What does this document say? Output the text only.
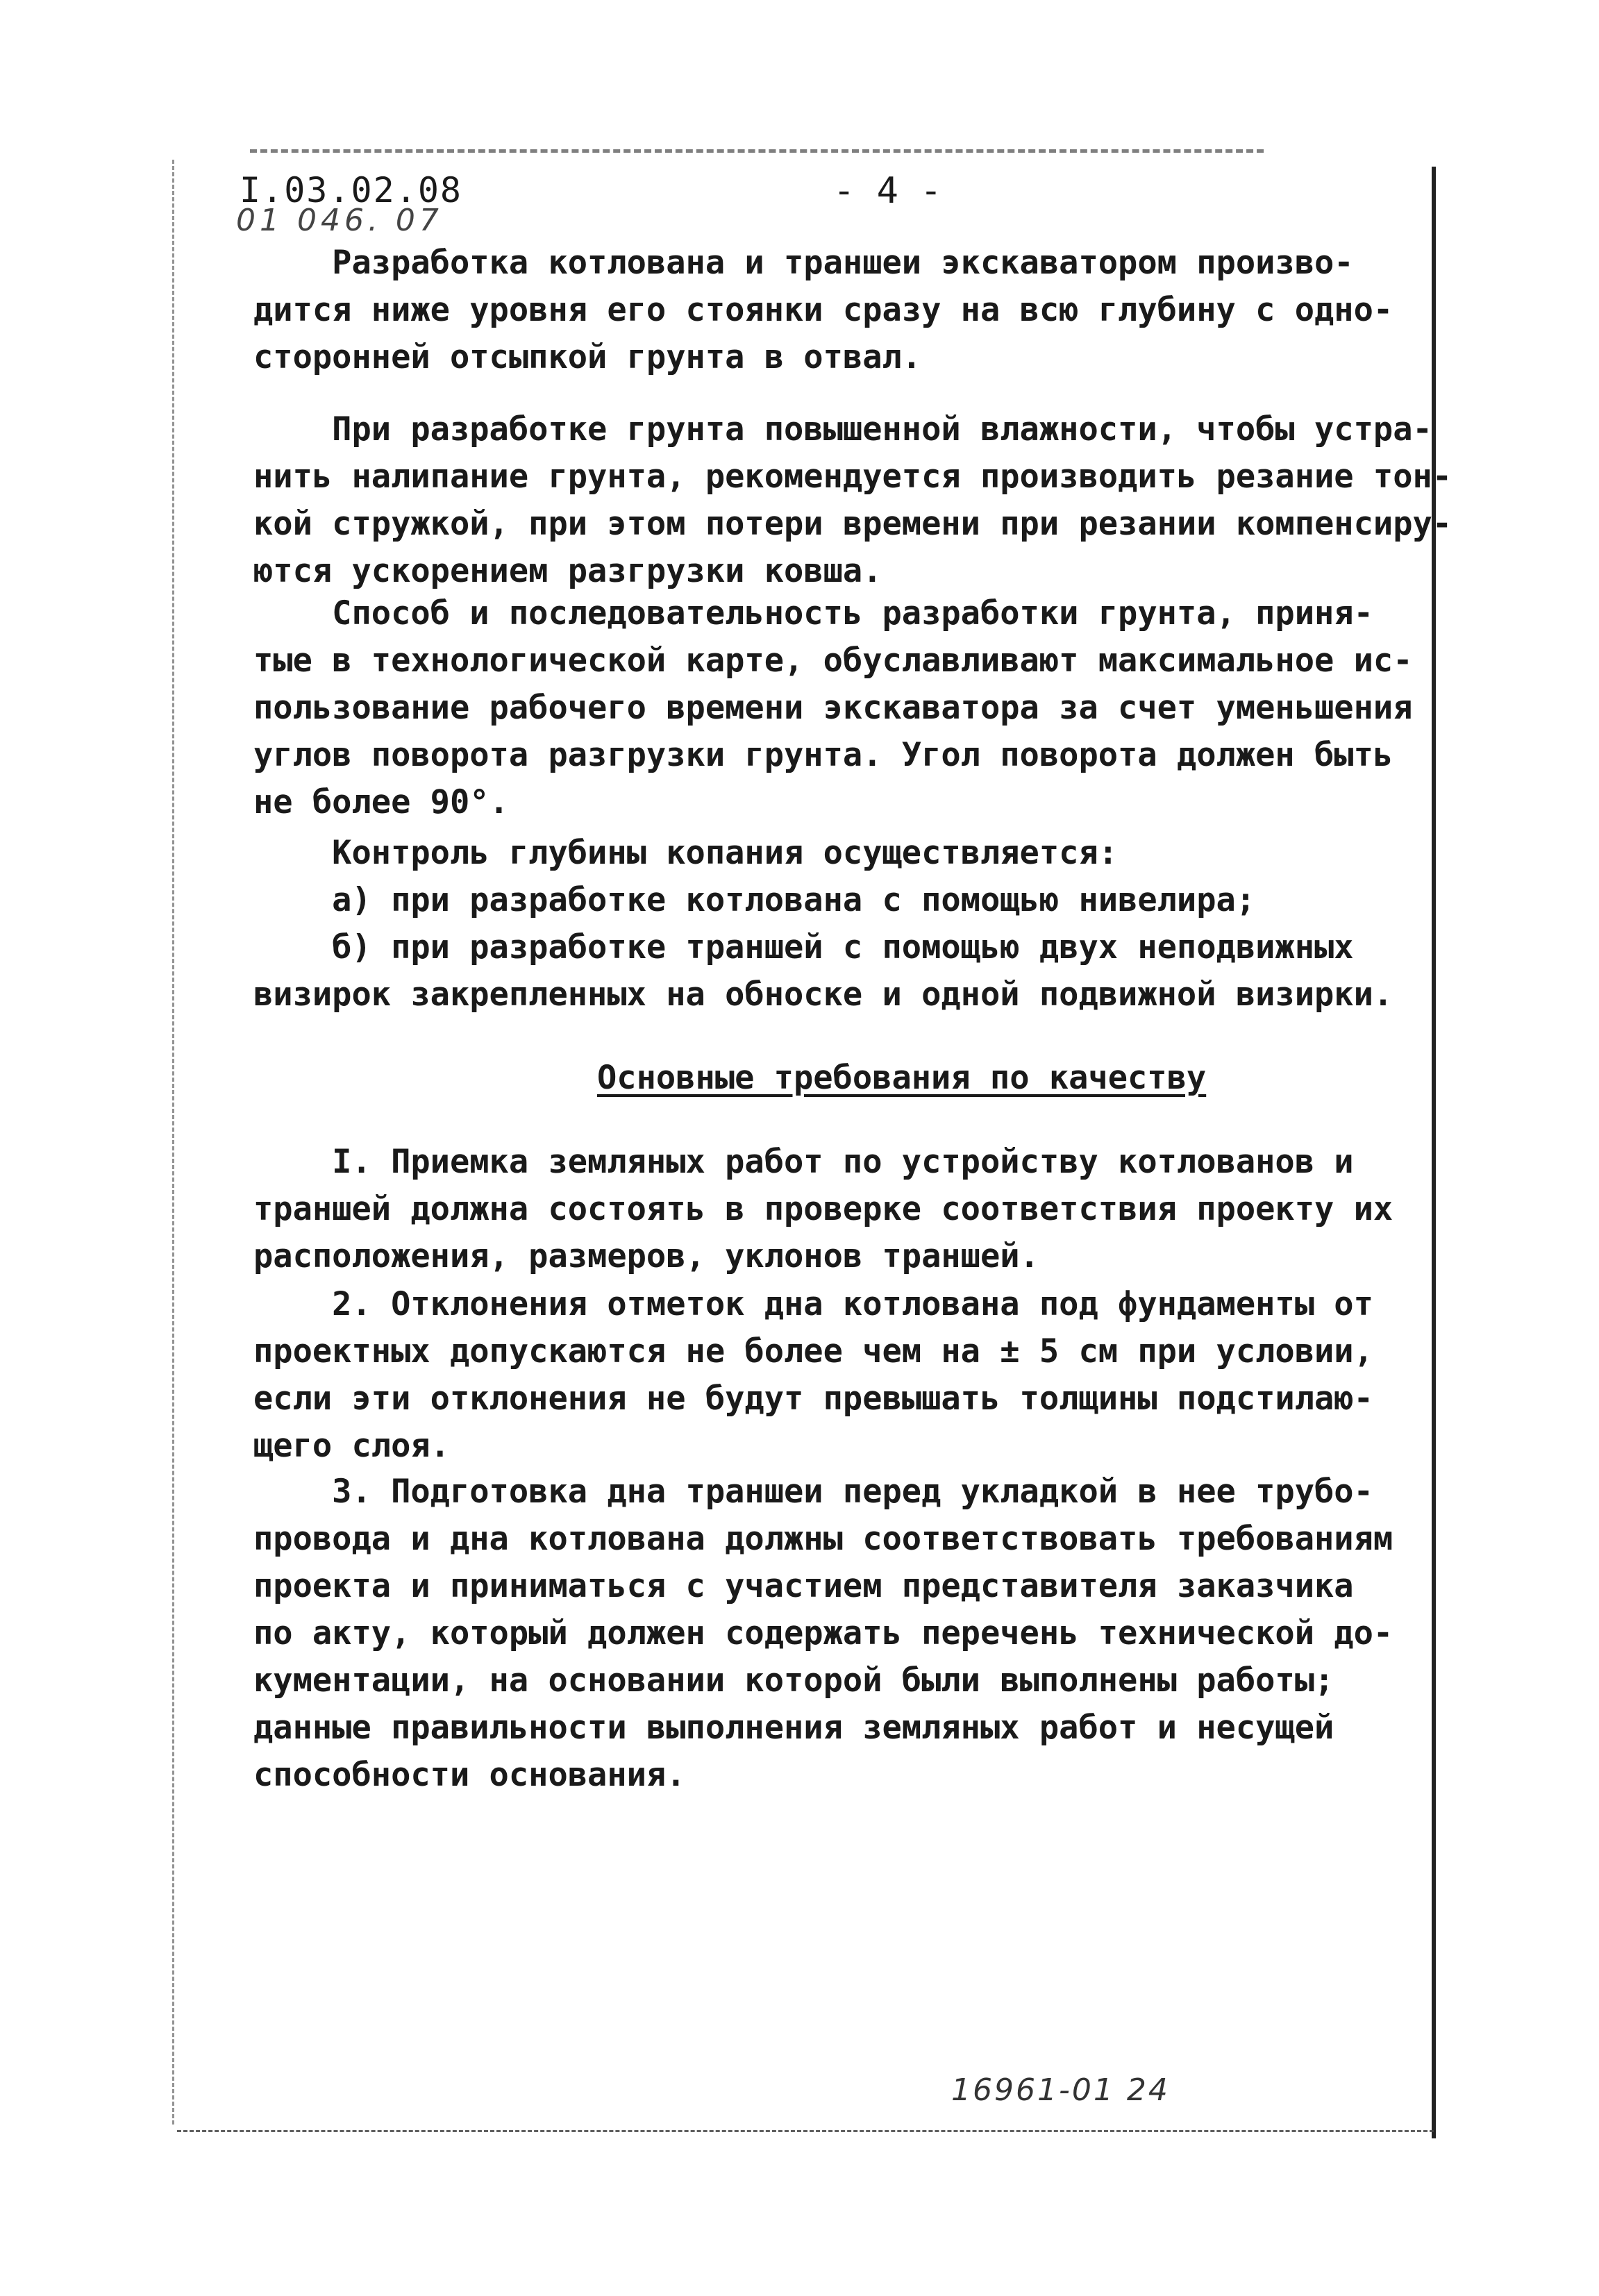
I.03.02.08
01 046. 07
- 4 -
Разработка котлована и траншеи экскаватором произво-
дится ниже уровня его стоянки сразу на всю глубину с одно-
сторонней отсыпкой грунта в отвал.
При разработке грунта повышенной влажности, чтобы устра-
нить налипание грунта, рекомендуется производить резание тон-
кой стружкой, при этом потери времени при резании компенсиру-
ются ускорением разгрузки ковша.
Способ и последовательность разработки грунта, приня-
тые в технологической карте, обуславливают максимальное ис-
пользование рабочего времени экскаватора за счет уменьшения
углов поворота разгрузки грунта. Угол поворота должен быть
не более 90°.
Контроль глубины копания осуществляется:
а) при разработке котлована с помощью нивелира;
б) при разработке траншей с помощью двух неподвижных
визирок закрепленных на обноске и одной подвижной визирки.
Основные требования по качеству
I. Приемка земляных работ по устройству котлованов и
траншей должна состоять в проверке соответствия проекту их
расположения, размеров, уклонов траншей.
2. Отклонения отметок дна котлована под фундаменты от
проектных допускаются не более чем на ± 5 см при условии,
если эти отклонения не будут превышать толщины подстилаю-
щего слоя.
3. Подготовка дна траншеи перед укладкой в нее трубо-
провода и дна котлована должны соответствовать требованиям
проекта и приниматься с участием представителя заказчика
по акту, который должен содержать перечень технической до-
кументации, на основании которой были выполнены работы;
данные правильности выполнения земляных работ и несущей
способности основания.
16961-01 24
